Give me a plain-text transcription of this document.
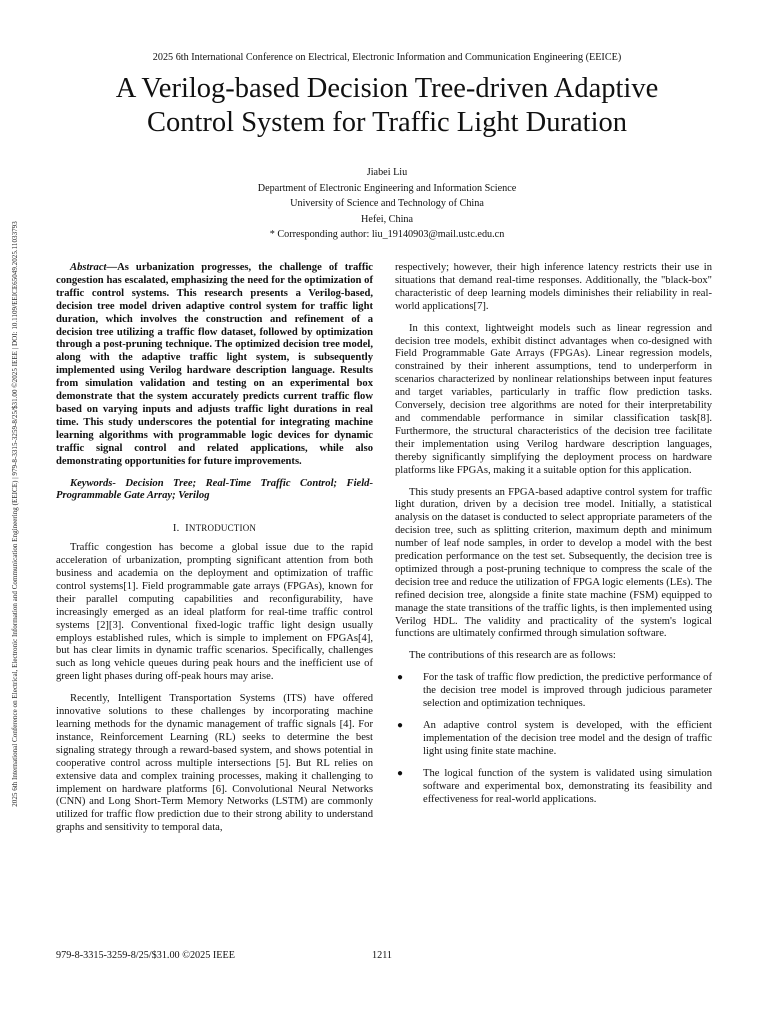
2025 6th International Conference on Electrical, Electronic Information and Communication Engineering (EEICE) | 979-8-3315-3259-8/25/$31.00 ©2025 IEEE | DOI: 10.1109/EEICE65049.2025.11033793
2025 6th International Conference on Electrical, Electronic Information and Communication Engineering (EEICE)
A Verilog-based Decision Tree-driven Adaptive
Control System for Traffic Light Duration
Jiabei Liu
Department of Electronic Engineering and Information Science
University of Science and Technology of China
Hefei, China
* Corresponding author: liu_19140903@mail.ustc.edu.cn

Abstract—As urbanization progresses, the challenge of traffic congestion has escalated, emphasizing the need for the optimization of traffic control systems. This research presents a Verilog-based, decision tree model driven adaptive control system for traffic light duration, which involves the construction and refinement of a decision tree utilizing a traffic flow dataset, followed by optimization through a post-pruning technique. The optimized decision tree model, along with the adaptive traffic light system, is subsequently implemented using Verilog hardware description language. Results from simulation validation and testing on an experimental box demonstrate that the system accurately predicts current traffic flow based on varying inputs and adjusts traffic light durations in real time. This study underscores the potential for integrating machine learning algorithms with programmable logic devices for dynamic traffic signal control and related applications, while also demonstrating opportunities for future improvements.

Keywords- Decision Tree; Real-Time Traffic Control; Field-Programmable Gate Array; Verilog

I. INTRODUCTION

Traffic congestion has become a global issue due to the rapid acceleration of urbanization, prompting significant attention from both business and academia on the deployment and optimization of traffic control systems[1]. Field programmable gate arrays (FPGAs), known for their parallel computing capabilities and reconfigurability, have increasingly emerged as an ideal platform for real-time traffic control systems [2][3]. Conventional fixed-logic traffic light design usually employs established rules, which is simple to implement on FPGAs[4], but has clear limits in dynamic traffic scenarios. Specifically, challenges such as long vehicle queues during peak hours and the inefficient use of green light phases during off-peak hours may arise.

Recently, Intelligent Transportation Systems (ITS) have offered innovative solutions to these challenges by incorporating machine learning methods for the dynamic management of traffic signals [4]. For instance, Reinforcement Learning (RL) seeks to determine the best signaling strategy through a reward-based system, and shows potential in cooperative control across multiple intersections [5]. But RL relies on extensive data and complex training processes, making it challenging to implement on hardware platforms [6]. Convolutional Neural Networks (CNN) and Long Short-Term Memory Networks (LSTM) are commonly utilized for traffic flow prediction due to their strong ability to understand graphs and sensitivity to temporal data,

respectively; however, their high inference latency restricts their use in situations that demand real-time responses. Additionally, the "black-box" characteristic of deep learning models diminishes their reliability in real-world applications[7].

In this context, lightweight models such as linear regression and decision tree models, exhibit distinct advantages when co-designed with Field Programmable Gate Arrays (FPGAs). Linear regression models, constrained by their inherent assumptions, tend to underperform in scenarios characterized by nonlinear relationships between input features and target variables, particularly in traffic flow prediction tasks. Conversely, decision tree algorithms are noted for their interpretability and commendable performance in similar classification task[8]. Furthermore, the structural characteristics of the decision tree facilitate their implementation using Verilog hardware description languages, thereby significantly simplifying the deployment process on hardware platforms like FPGAs, making it a suitable option for this application.

This study presents an FPGA-based adaptive control system for traffic light duration, driven by a decision tree model. Initially, a statistical analysis on the dataset is conducted to select appropriate parameters of the decision tree, such as splitting criterion, maximum depth and minimum number of leaf node samples, in order to develop a model with the best predication performance on the test set. Subsequently, the decision tree is optimized through a post-pruning technique to compress the scale of the decision tree and reduce the utilization of FPGA logic elements (LEs). The refined decision tree, alongside a finite state machine (FSM) equipped to manage the state transitions of the traffic lights, is then implemented using Verilog HDL. The validity and practicality of the system's logical functions are ultimately confirmed through simulation software.

The contributions of this research are as follows:

● For the task of traffic flow prediction, the predictive performance of the decision tree model is improved through judicious parameter selection and optimization techniques.
● An adaptive control system is developed, with the efficient implementation of the decision tree model and the design of traffic light using finite state machine.
● The logical function of the system is validated using simulation software and experimental box, demonstrating its feasibility and effectiveness for real-world applications.
979-8-3315-3259-8/25/$31.00 ©2025 IEEE	1211
